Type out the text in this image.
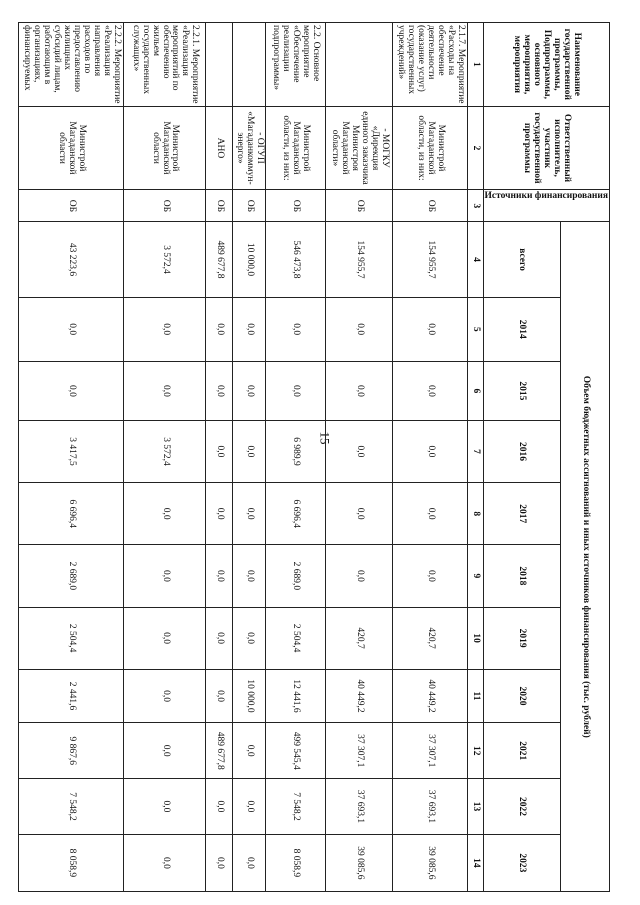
15
Наименование государственной программы, Подпрограммы, основного мероприятия, мероприятия	Ответственный исполнитель, участник государственной программы	Источники финансирования	Объем бюджетных ассигнований и иных источников финансирования (тыс. рублей)										
			всего	2014	2015	2016	2017	2018	2019	2020	2021	2022	2023
1	2	3	4	5	6	7	8	9	10	11	12	13	14
2.1.7. Мероприятие «Расходы на обеспечение деятельности (оказание услуг) государственных учреждений»	Министрой Магаданской области, из них:	ОБ	154 955,7	0,0	0,0	0,0	0,0	0,0	420,7	40 449,2	37 307,1	37 693,1	39 085,6
	- МОГКУ «Дирекция единого заказчика Министроя Магаданской области»	ОБ	154 955,7	0,0	0,0	0,0	0,0	0,0	420,7	40 449,2	37 307,1	37 693,1	39 085,6
2.2. Основное мероприятие «Обеспечение реализации подпрограммы»	Министрой Магаданской области, из них:	ОБ	546 473,8	0,0	0,0	6 989,9	6 696,4	2 689,0	2 504,4	12 441,6	499 545,4	7 548,2	8 058,9
	- ОГУП «Магаданкоммун-энерго»	ОБ	10 000,0	0,0	0,0	0,0	0,0	0,0	0,0	10 000,0	0,0	0,0	0,0
	АНО	ОБ	489 677,8	0,0	0,0	0,0	0,0	0,0	0,0	0,0	489 677,8	0,0	0,0
2.2.1. Мероприятие «Реализация мероприятий по обеспечению жильем государственных служащих»	Министрой Магаданской области	ОБ	3 572,4	0,0	0,0	3 572,4	0,0	0,0	0,0	0,0	0,0	0,0	0,0
2.2.2. Мероприятие «Реализация направления расходов по предоставлению жилищных субсидий лицам, работающим в организациях, финансируемых	Министрой Магаданской области	ОБ	43 223,6	0,0	0,0	3 417,5	6 696,4	2 689,0	2 504,4	2 441,6	9 867,6	7 548,2	8 058,9
